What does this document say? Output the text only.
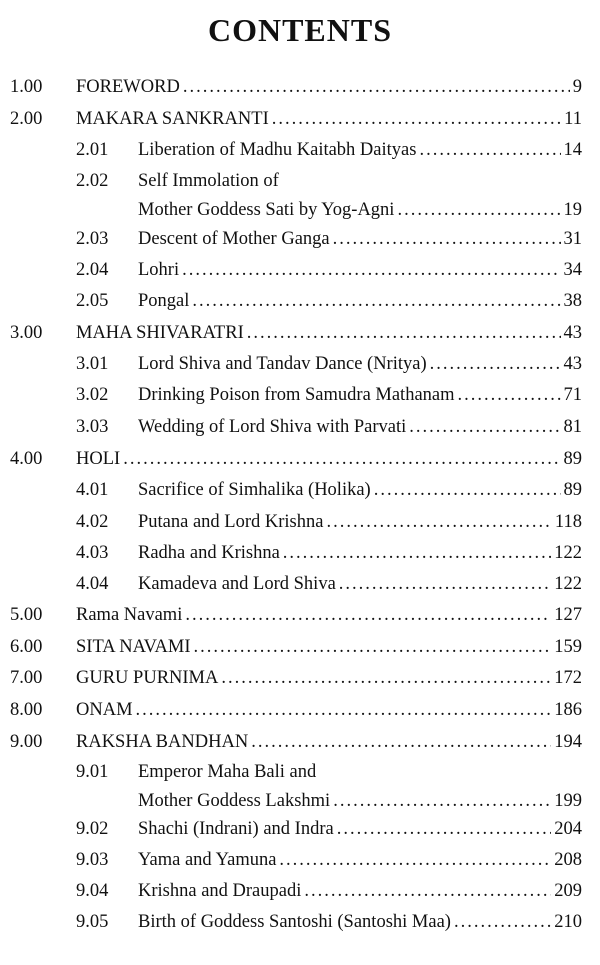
CONTENTS
1.00 FOREWORD .....	9
2.00 MAKARA SANKRANTI .....	11
2.01 Liberation of Madhu Kaitabh Daityas .....	14
2.02 Self Immolation of
Mother Goddess Sati by Yog-Agni .....	19
2.03 Descent of Mother Ganga .....	31
2.04 Lohri .....	34
2.05 Pongal .....	38
3.00 MAHA SHIVARATRI .....	43
3.01 Lord Shiva and Tandav Dance (Nritya) .....	43
3.02 Drinking Poison from Samudra Mathanam .....	71
3.03 Wedding of Lord Shiva with Parvati .....	81
4.00 HOLI .....	89
4.01 Sacrifice of Simhalika (Holika) .....	89
4.02 Putana and Lord Krishna .....	118
4.03 Radha and Krishna .....	122
4.04 Kamadeva and Lord Shiva .....	122
5.00 Rama Navami .....	127
6.00 SITA NAVAMI .....	159
7.00 GURU PURNIMA .....	172
8.00 ONAM .....	186
9.00 RAKSHA BANDHAN .....	194
9.01 Emperor Maha Bali and
Mother Goddess Lakshmi .....	199
9.02 Shachi (Indrani) and Indra .....	204
9.03 Yama and Yamuna .....	208
9.04 Krishna and Draupadi .....	209
9.05 Birth of Goddess Santoshi (Santoshi Maa) .....	210
